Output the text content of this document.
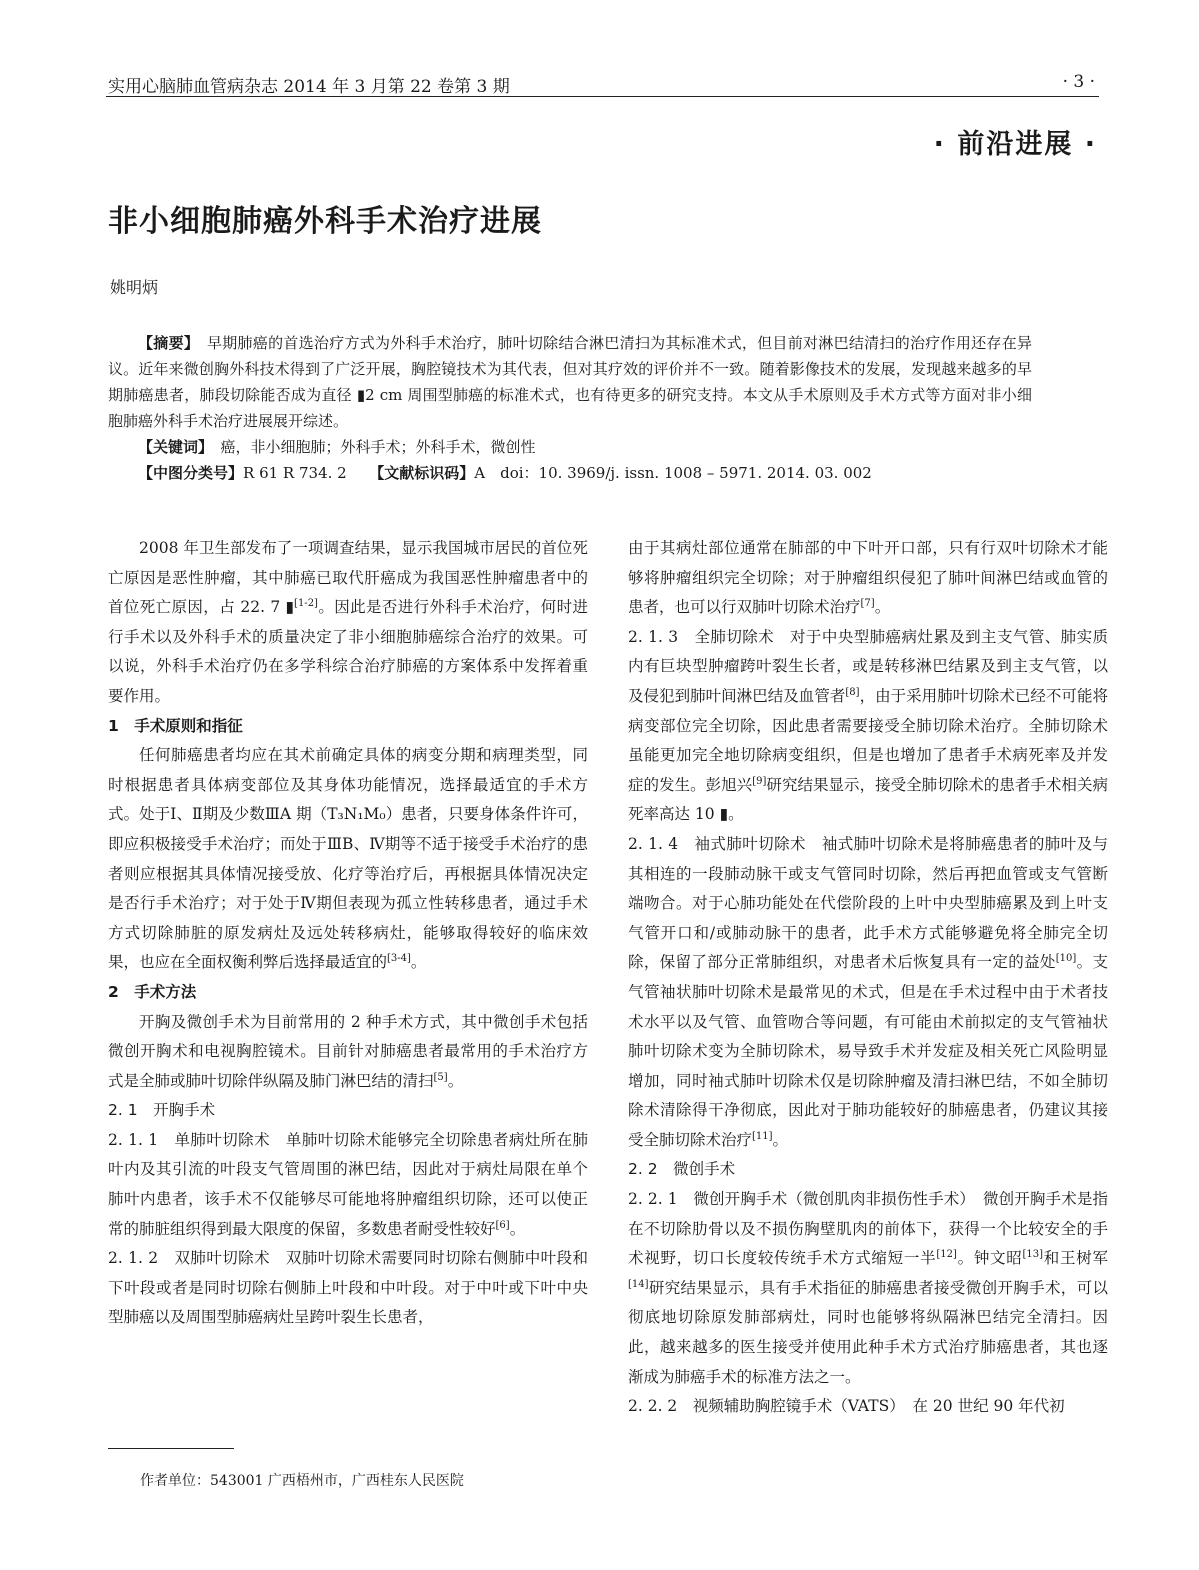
实用心脑肺血管病杂志 2014 年 3 月第 22 卷第 3 期	· 3 ·
· 前沿进展 ·
非小细胞肺癌外科手术治疗进展
姚明炳

【摘要】　 早期肺癌的首选治疗方式为外科手术治疗，肺叶切除结合淋巴清扫为其标准术式，但目前对淋巴结清扫的治疗作用还存在异议。近年来微创胸外科技术得到了广泛开展，胸腔镜技术为其代表，但对其疗效的评价并不一致。随着影像技术的发展，发现越来越多的早期肺癌患者，肺段切除能否成为直径 ▮2 cm 周围型肺癌的标准术式，也有待更多的研究支持。本文从手术原则及手术方式等方面对非小细胞肺癌外科手术治疗进展展开综述。

【关键词】　 癌，非小细胞肺；外科手术；外科手术，微创性

【中图分类号】R 61 R 734. 2　　 【文献标识码】A　 doi：10. 3969/j. issn. 1008 – 5971. 2014. 03. 002

2008 年卫生部发布了一项调查结果，显示我国城市居民的首位死亡原因是恶性肿瘤，其中肺癌已取代肝癌成为我国恶性肿瘤患者中的首位死亡原因，占 22. 7 ▮[1-2]。因此是否进行外科手术治疗，何时进行手术以及外科手术的质量决定了非小细胞肺癌综合治疗的效果。可以说，外科手术治疗仍在多学科综合治疗肺癌的方案体系中发挥着重要作用。

1　手术原则和指征

任何肺癌患者均应在其术前确定具体的病变分期和病理类型，同时根据患者具体病变部位及其身体功能情况，选择最适宜的手术方式。处于Ⅰ、Ⅱ期及少数ⅢA 期（T₃N₁M₀）患者，只要身体条件许可，即应积极接受手术治疗；而处于ⅢB、Ⅳ期等不适于接受手术治疗的患者则应根据其具体情况接受放、化疗等治疗后，再根据具体情况决定是否行手术治疗；对于处于Ⅳ期但表现为孤立性转移患者，通过手术方式切除肺脏的原发病灶及远处转移病灶，能够取得较好的临床效果，也应在全面权衡利弊后选择最适宜的[3-4]。

2　手术方法

开胸及微创手术为目前常用的 2 种手术方式，其中微创手术包括微创开胸术和电视胸腔镜术。目前针对肺癌患者最常用的手术治疗方式是全肺或肺叶切除伴纵隔及肺门淋巴结的清扫[5]。

2. 1　开胸手术

2. 1. 1　单肺叶切除术　单肺叶切除术能够完全切除患者病灶所在肺叶内及其引流的叶段支气管周围的淋巴结，因此对于病灶局限在单个肺叶内患者，该手术不仅能够尽可能地将肿瘤组织切除，还可以使正常的肺脏组织得到最大限度的保留，多数患者耐受性较好[6]。

2. 1. 2　双肺叶切除术　双肺叶切除术需要同时切除右侧肺中叶段和下叶段或者是同时切除右侧肺上叶段和中叶段。对于中叶或下叶中央型肺癌以及周围型肺癌病灶呈跨叶裂生长患者，

由于其病灶部位通常在肺部的中下叶开口部，只有行双叶切除术才能够将肿瘤组织完全切除；对于肿瘤组织侵犯了肺叶间淋巴结或血管的患者，也可以行双肺叶切除术治疗[7]。

2. 1. 3　全肺切除术　对于中央型肺癌病灶累及到主支气管、肺实质内有巨块型肿瘤跨叶裂生长者，或是转移淋巴结累及到主支气管，以及侵犯到肺叶间淋巴结及血管者[8]，由于采用肺叶切除术已经不可能将病变部位完全切除，因此患者需要接受全肺切除术治疗。全肺切除术虽能更加完全地切除病变组织，但是也增加了患者手术病死率及并发症的发生。彭旭兴[9]研究结果显示，接受全肺切除术的患者手术相关病死率高达 10 ▮。

2. 1. 4　袖式肺叶切除术　袖式肺叶切除术是将肺癌患者的肺叶及与其相连的一段肺动脉干或支气管同时切除，然后再把血管或支气管断端吻合。对于心肺功能处在代偿阶段的上叶中央型肺癌累及到上叶支气管开口和/或肺动脉干的患者，此手术方式能够避免将全肺完全切除，保留了部分正常肺组织，对患者术后恢复具有一定的益处[10]。支气管袖状肺叶切除术是最常见的术式，但是在手术过程中由于术者技术水平以及气管、血管吻合等问题，有可能由术前拟定的支气管袖状肺叶切除术变为全肺切除术，易导致手术并发症及相关死亡风险明显增加，同时袖式肺叶切除术仅是切除肿瘤及清扫淋巴结，不如全肺切除术清除得干净彻底，因此对于肺功能较好的肺癌患者，仍建议其接受全肺切除术治疗[11]。

2. 2　微创手术

2. 2. 1　微创开胸手术（微创肌肉非损伤性手术）　微创开胸手术是指在不切除肋骨以及不损伤胸壁肌肉的前体下，获得一个比较安全的手术视野，切口长度较传统手术方式缩短一半[12]。钟文昭[13]和王树军[14]研究结果显示，具有手术指征的肺癌患者接受微创开胸手术，可以彻底地切除原发肺部病灶，同时也能够将纵隔淋巴结完全清扫。因此，越来越多的医生接受并使用此种手术方式治疗肺癌患者，其也逐渐成为肺癌手术的标准方法之一。

2. 2. 2　视频辅助胸腔镜手术（VATS）　在 20 世纪 90 年代初

作者单位：543001 广西梧州市，广西桂东人民医院
